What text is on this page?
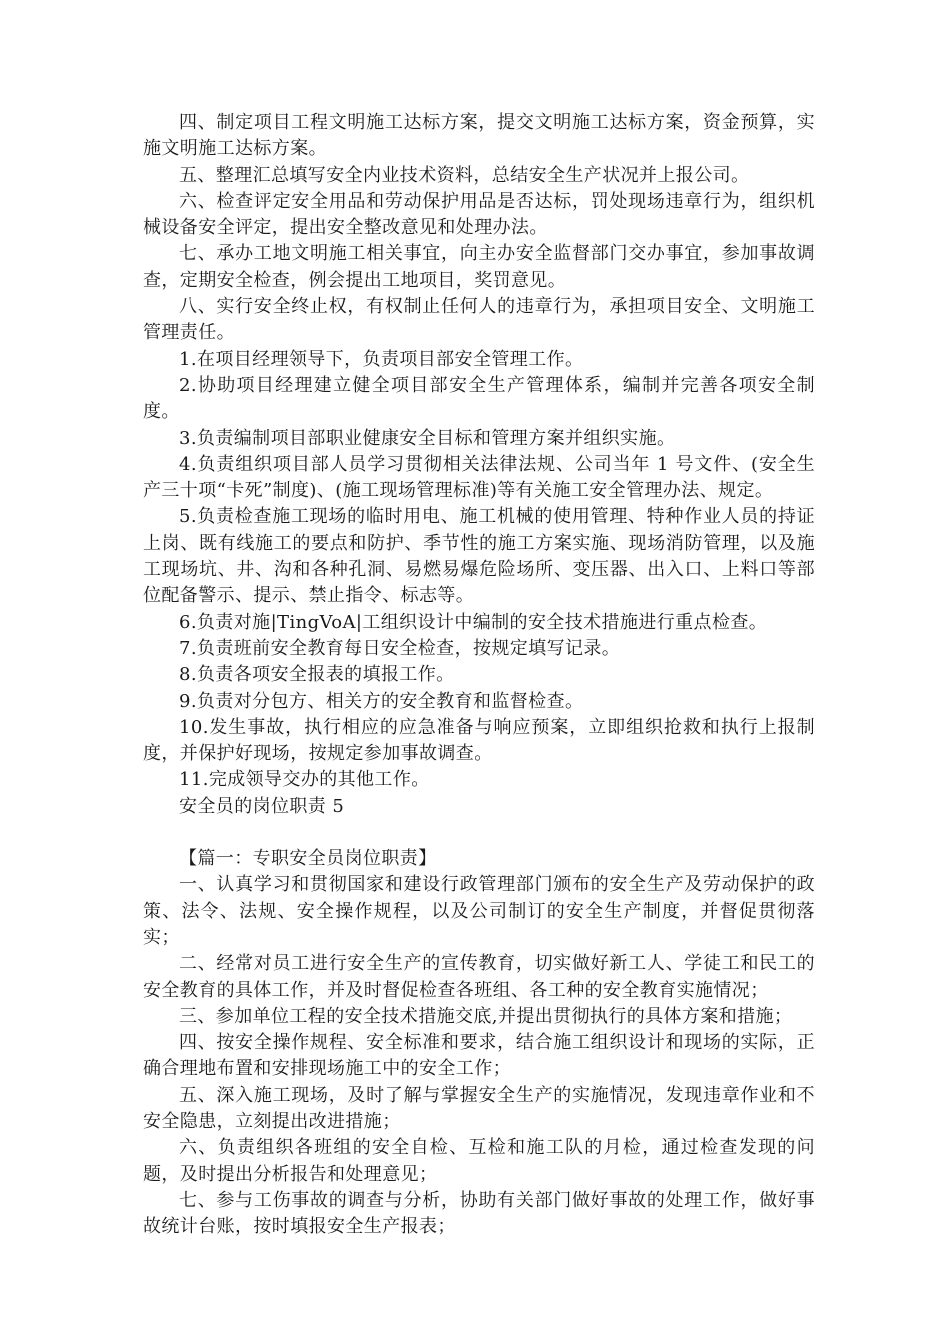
四、制定项目工程文明施工达标方案，提交文明施工达标方案，资金预算，实施文明施工达标方案。

五、整理汇总填写安全内业技术资料，总结安全生产状况并上报公司。

六、检查评定安全用品和劳动保护用品是否达标，罚处现场违章行为，组织机械设备安全评定，提出安全整改意见和处理办法。

七、承办工地文明施工相关事宜，向主办安全监督部门交办事宜，参加事故调查，定期安全检查，例会提出工地项目，奖罚意见。

八、实行安全终止权，有权制止任何人的违章行为，承担项目安全、文明施工管理责任。

1.在项目经理领导下，负责项目部安全管理工作。

2.协助项目经理建立健全项目部安全生产管理体系，编制并完善各项安全制度。

3.负责编制项目部职业健康安全目标和管理方案并组织实施。

4.负责组织项目部人员学习贯彻相关法律法规、公司当年 1 号文件、(安全生产三十项“卡死”制度)、(施工现场管理标准)等有关施工安全管理办法、规定。

5.负责检查施工现场的临时用电、施工机械的使用管理、特种作业人员的持证上岗、既有线施工的要点和防护、季节性的施工方案实施、现场消防管理，以及施工现场坑、井、沟和各种孔洞、易燃易爆危险场所、变压器、出入口、上料口等部位配备警示、提示、禁止指令、标志等。

6.负责对施|TingVoA|工组织设计中编制的安全技术措施进行重点检查。

7.负责班前安全教育每日安全检查，按规定填写记录。

8.负责各项安全报表的填报工作。

9.负责对分包方、相关方的安全教育和监督检查。

10.发生事故，执行相应的应急准备与响应预案，立即组织抢救和执行上报制度，并保护好现场，按规定参加事故调查。

11.完成领导交办的其他工作。

安全员的岗位职责 5

【篇一：专职安全员岗位职责】

一、认真学习和贯彻国家和建设行政管理部门颁布的安全生产及劳动保护的政策、法令、法规、安全操作规程，以及公司制订的安全生产制度，并督促贯彻落实；

二、经常对员工进行安全生产的宣传教育，切实做好新工人、学徒工和民工的安全教育的具体工作，并及时督促检查各班组、各工种的安全教育实施情况；

三、参加单位工程的安全技术措施交底,并提出贯彻执行的具体方案和措施；

四、按安全操作规程、安全标准和要求，结合施工组织设计和现场的实际，正确合理地布置和安排现场施工中的安全工作；

五、深入施工现场，及时了解与掌握安全生产的实施情况，发现违章作业和不安全隐患，立刻提出改进措施；

六、负责组织各班组的安全自检、互检和施工队的月检，通过检查发现的问题，及时提出分析报告和处理意见；

七、参与工伤事故的调查与分析，协助有关部门做好事故的处理工作，做好事故统计台账，按时填报安全生产报表；
